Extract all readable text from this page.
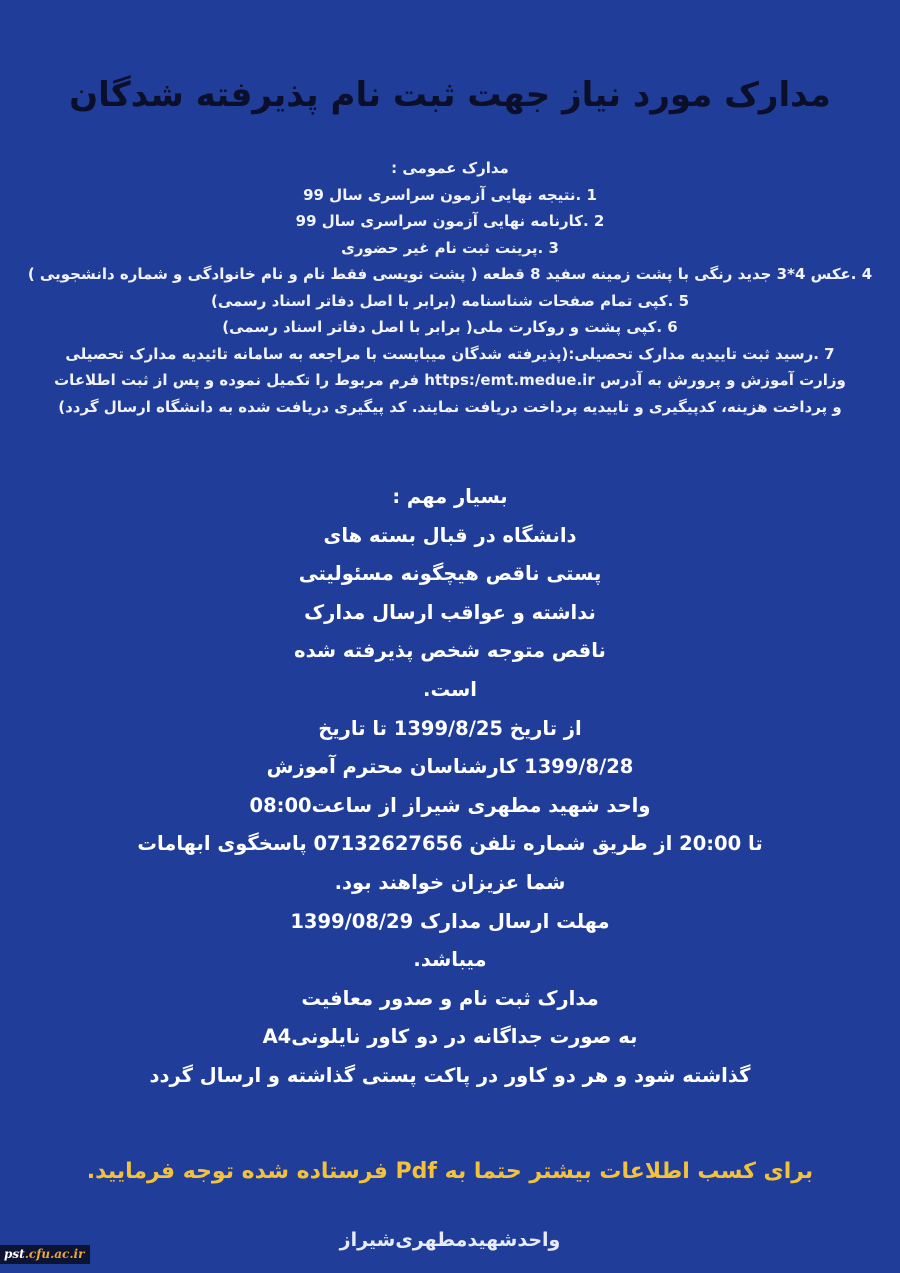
مدارک مورد نیاز جهت ثبت نام پذیرفته شدگان
مدارک عمومی :
1 .نتیجه نهایی آزمون سراسری سال 99
2 .کارنامه نهایی آزمون سراسری سال 99
3 .پرینت ثبت نام غیر حضوری
4 .عکس 4*3 جدید رنگی با پشت زمینه سفید 8 قطعه ( پشت نویسی فقط نام و نام خانوادگی و شماره دانشجویی )
5 .کپی تمام صفحات شناسنامه (برابر با اصل دفاتر اسناد رسمی)
6 .کپی پشت و روکارت ملی( برابر با اصل دفاتر اسناد رسمی)
7 .رسید ثبت تاییدیه مدارک تحصیلی:(پذیرفته شدگان میبایست با مراجعه به سامانه تائیدیه مدارک تحصیلی
وزارت آموزش و پرورش به آدرس https:/emt.medue.ir فرم مربوط را تکمیل نموده و پس از ثبت اطلاعات
و پرداخت هزینه، کدپیگیری و تاییدیه پرداخت دریافت نمایند. کد پیگیری دریافت شده به دانشگاه ارسال گردد)
بسیار مهم :
دانشگاه در قبال بسته های
پستی ناقص هیچگونه مسئولیتی
نداشته و عواقب ارسال مدارک
ناقص متوجه شخص پذیرفته شده
است.
از تاریخ 1399/8/25 تا تاریخ
1399/8/28 کارشناسان محترم آموزش
واحد شهید مطهری شیراز از ساعت08:00
تا 20:00 از طریق شماره تلفن 07132627656 پاسخگوی ابهامات
شما عزیزان خواهند بود.
مهلت ارسال مدارک 1399/08/29
میباشد.
مدارک ثبت نام و صدور معافیت
به صورت جداگانه در دو کاور نایلونیA4
گذاشته شود و هر دو کاور در پاکت پستی گذاشته و ارسال گردد
برای کسب اطلاعات بیشتر حتما به Pdf فرستاده شده توجه فرمایید.
واحدشهیدمطهری‌شیراز
pst.cfu.ac.ir
